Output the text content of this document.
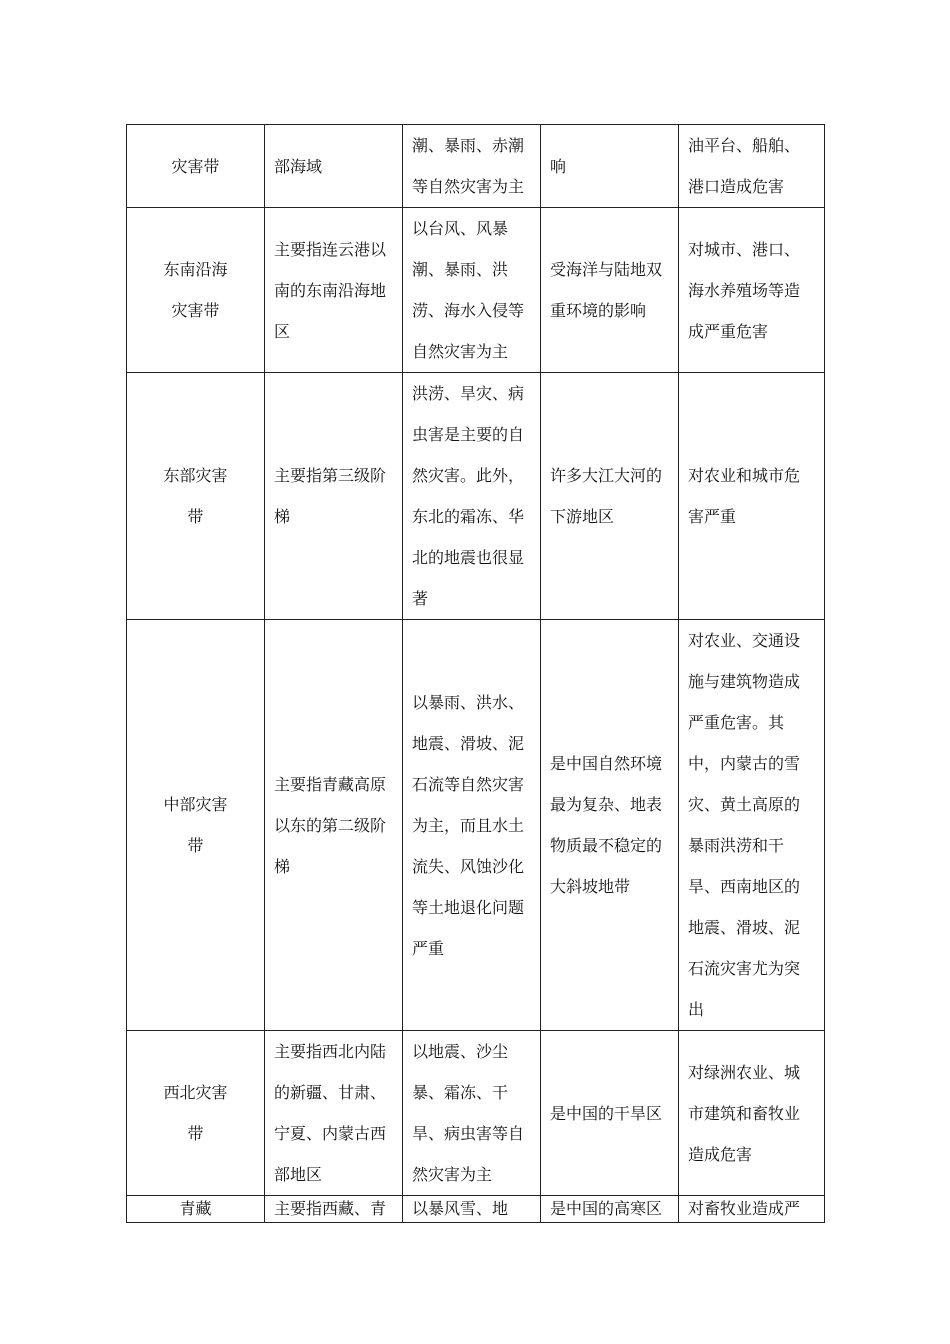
灾害带	部海域	潮、暴雨、赤潮等自然灾害为主	响	油平台、船舶、港口造成危害

东南沿海灾害带	主要指连云港以南的东南沿海地区	以台风、风暴潮、暴雨、洪涝、海水入侵等自然灾害为主	受海洋与陆地双重环境的影响	对城市、港口、海水养殖场等造成严重危害

东部灾害带	主要指第三级阶梯	洪涝、旱灾、病虫害是主要的自然灾害。此外，东北的霜冻、华北的地震也很显著	许多大江大河的下游地区	对农业和城市危害严重

中部灾害带	主要指青藏高原以东的第二级阶梯	以暴雨、洪水、地震、滑坡、泥石流等自然灾害为主，而且水土流失、风蚀沙化等土地退化问题严重	是中国自然环境最为复杂、地表物质最不稳定的大斜坡地带	对农业、交通设施与建筑物造成严重危害。其中，内蒙古的雪灾、黄土高原的暴雨洪涝和干旱、西南地区的地震、滑坡、泥石流灾害尤为突出

西北灾害带	主要指西北内陆的新疆、甘肃、宁夏、内蒙古西部地区	以地震、沙尘暴、霜冻、干旱、病虫害等自然灾害为主	是中国的干旱区	对绿洲农业、城市建筑和畜牧业造成危害

青藏	主要指西藏、青	以暴风雪、地	是中国的高寒区	对畜牧业造成严
